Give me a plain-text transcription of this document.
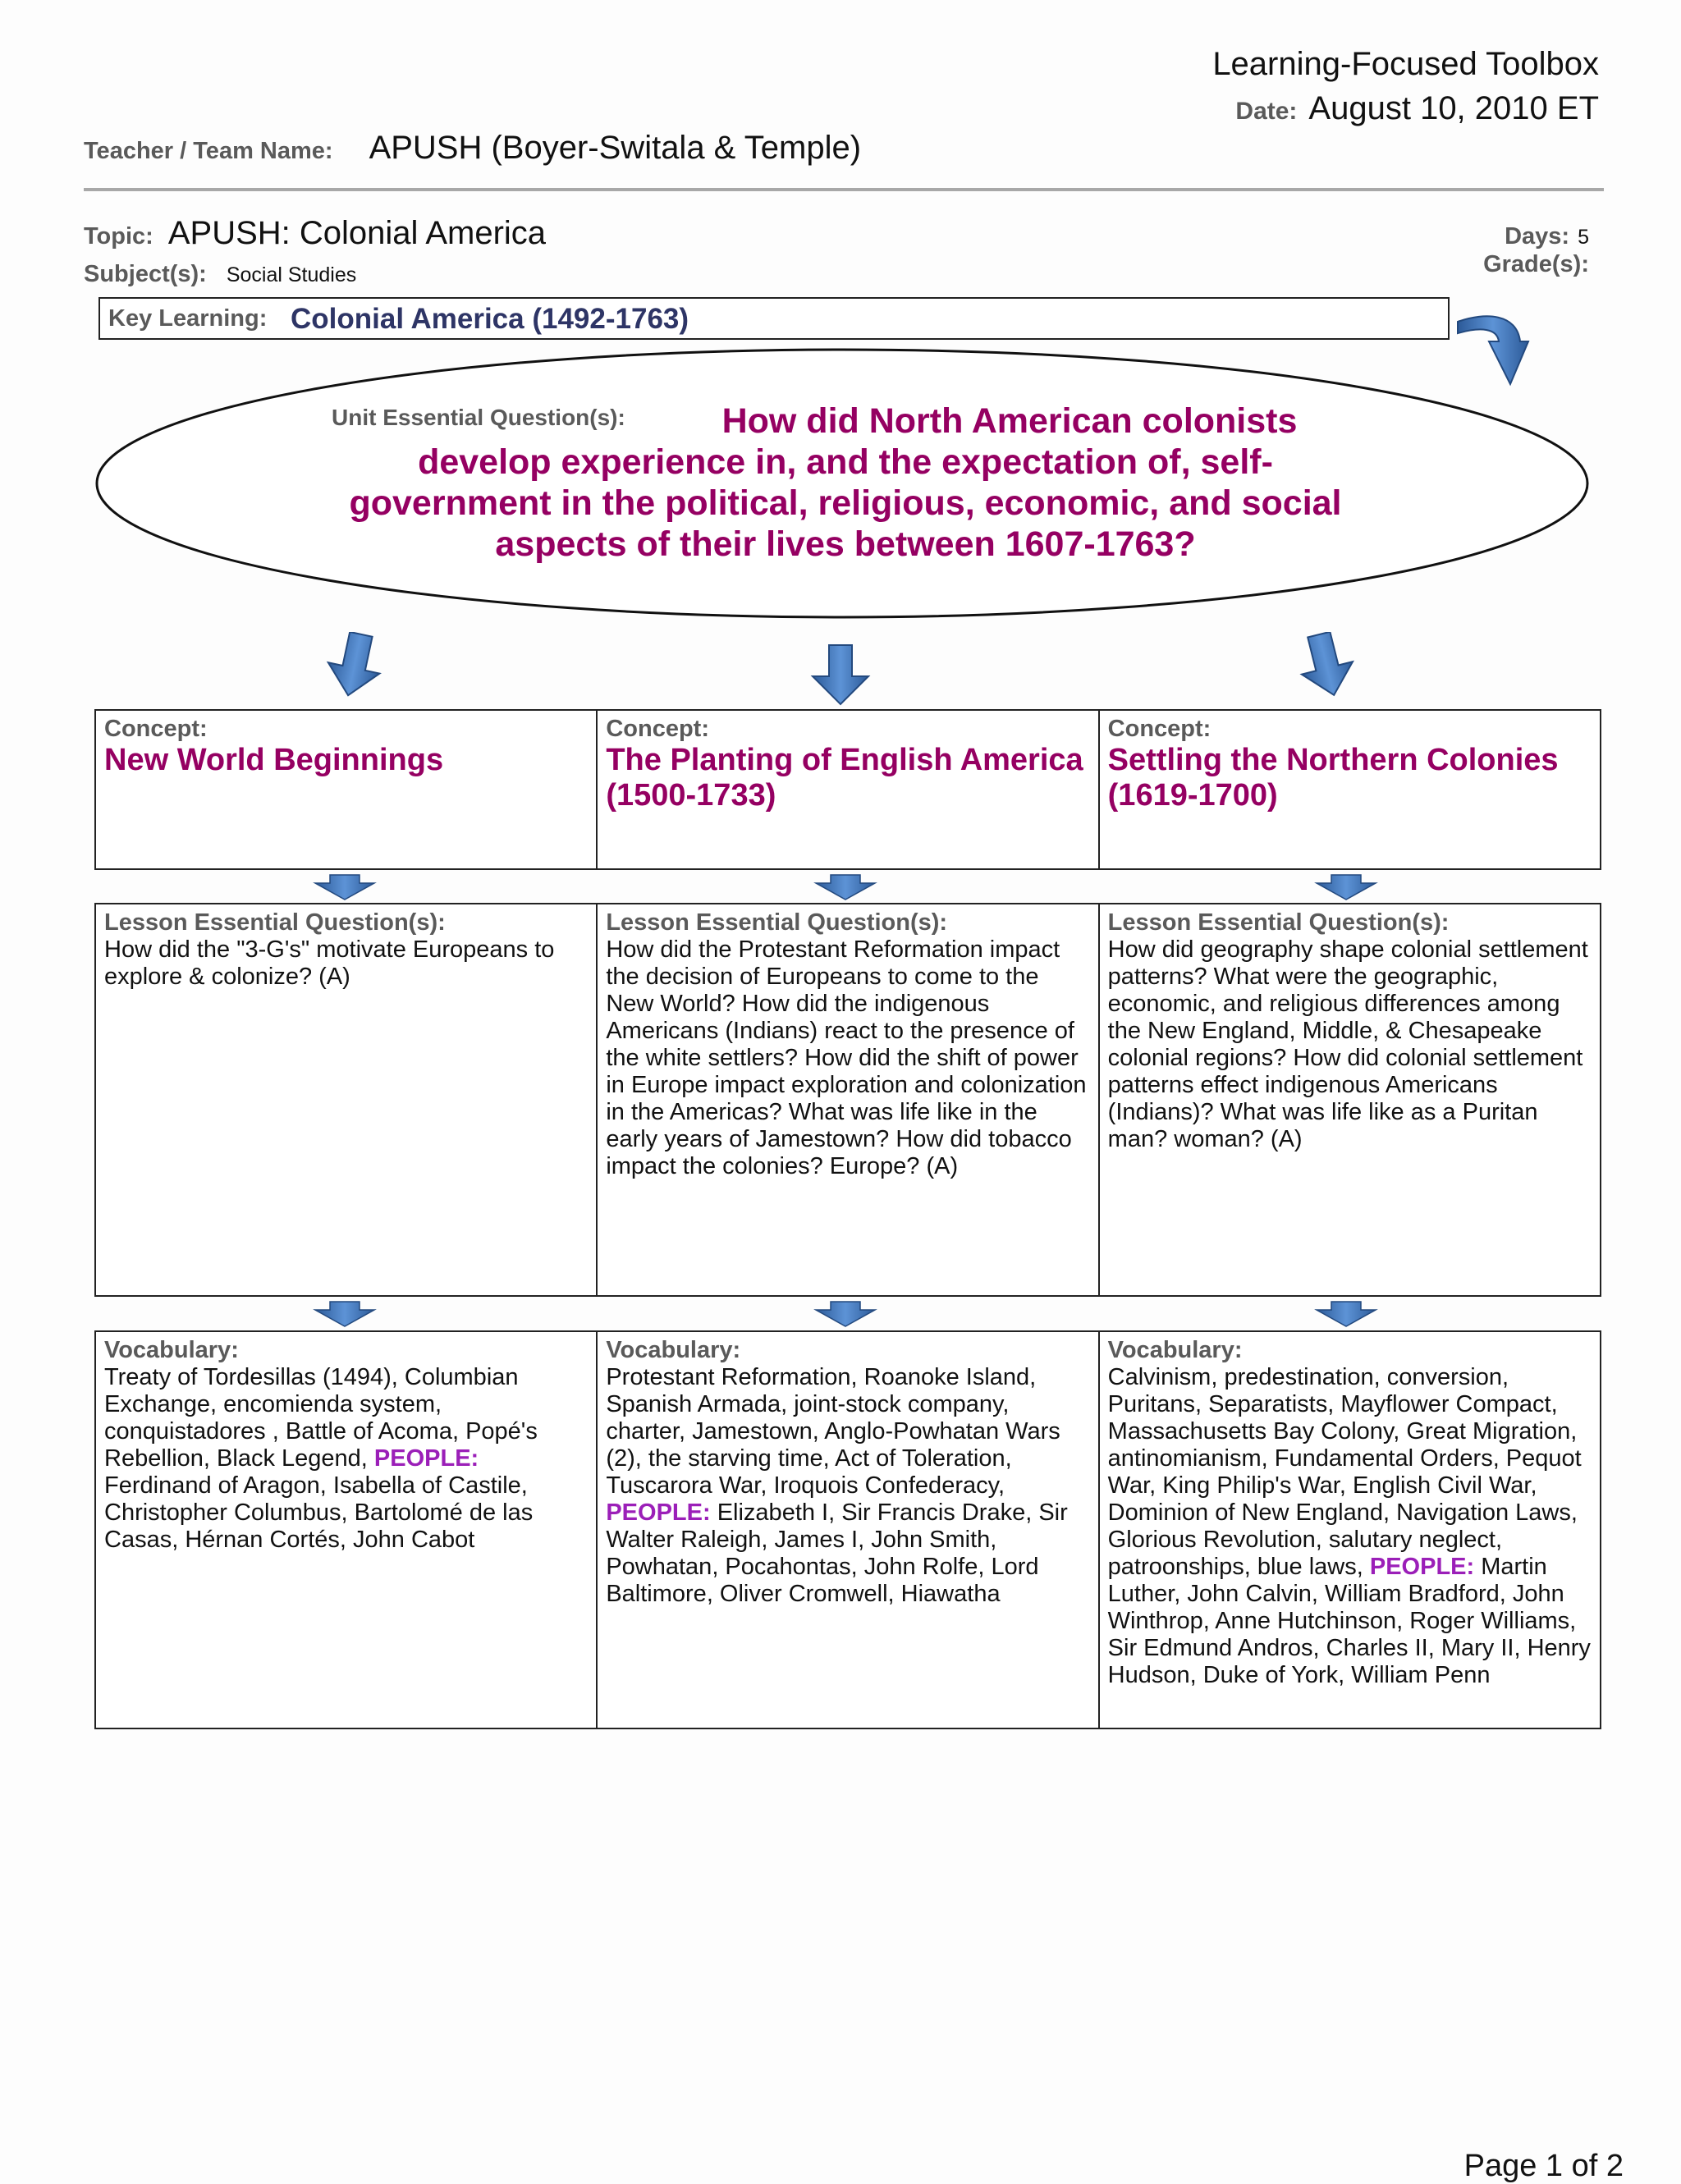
Learning-Focused Toolbox
Date: August 10, 2010 ET
Teacher / Team Name: APUSH (Boyer-Switala & Temple)
Topic: APUSH: Colonial America
Subject(s): Social Studies
Days: 5
Grade(s):
Key Learning: Colonial America (1492-1763)
Unit Essential Question(s):	How did North American colonists develop experience in, and the expectation of, self-government in the political, religious, economic, and social aspects of their lives between 1607-1763?
Concept:
New World Beginnings
Concept:
The Planting of English America (1500-1733)
Concept:
Settling the Northern Colonies (1619-1700)
Lesson Essential Question(s):
How did the "3-G's" motivate Europeans to explore & colonize? (A)
Lesson Essential Question(s):
How did the Protestant Reformation impact the decision of Europeans to come to the New World? How did the indigenous Americans (Indians) react to the presence of the white settlers? How did the shift of power in Europe impact exploration and colonization in the Americas? What was life like in the early years of Jamestown? How did tobacco impact the colonies? Europe? (A)
Lesson Essential Question(s):
How did geography shape colonial settlement patterns? What were the geographic, economic, and religious differences among the New England, Middle, & Chesapeake colonial regions? How did colonial settlement patterns effect indigenous Americans (Indians)? What was life like as a Puritan man? woman? (A)
Vocabulary:
Treaty of Tordesillas (1494), Columbian Exchange, encomienda system, conquistadores , Battle of Acoma, Popé's Rebellion, Black Legend, PEOPLE: Ferdinand of Aragon, Isabella of Castile, Christopher Columbus, Bartolomé de las Casas, Hérnan Cortés, John Cabot
Vocabulary:
Protestant Reformation, Roanoke Island, Spanish Armada, joint-stock company, charter, Jamestown, Anglo-Powhatan Wars (2), the starving time, Act of Toleration, Tuscarora War, Iroquois Confederacy, PEOPLE: Elizabeth I, Sir Francis Drake, Sir Walter Raleigh, James I, John Smith, Powhatan, Pocahontas, John Rolfe, Lord Baltimore, Oliver Cromwell, Hiawatha
Vocabulary:
Calvinism, predestination, conversion, Puritans, Separatists, Mayflower Compact, Massachusetts Bay Colony, Great Migration, antinomianism, Fundamental Orders, Pequot War, King Philip's War, English Civil War, Dominion of New England, Navigation Laws, Glorious Revolution, salutary neglect, patroonships, blue laws, PEOPLE: Martin Luther, John Calvin, William Bradford, John Winthrop, Anne Hutchinson, Roger Williams, Sir Edmund Andros, Charles II, Mary II, Henry Hudson, Duke of York, William Penn
Page 1 of 2
